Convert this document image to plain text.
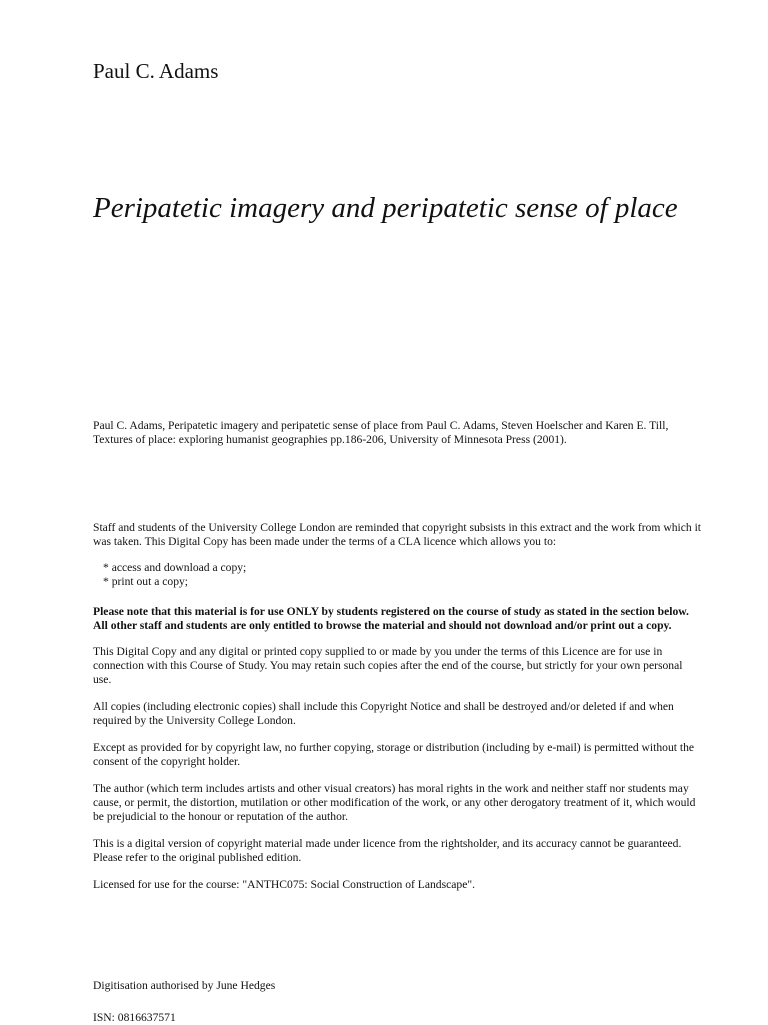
Paul C. Adams

Peripatetic imagery and peripatetic sense of place

Paul C. Adams, Peripatetic imagery and peripatetic sense of place from Paul C. Adams, Steven Hoelscher and Karen E. Till, Textures of place: exploring humanist geographies pp.186-206, University of Minnesota Press (2001).

Staff and students of the University College London are reminded that copyright subsists in this extract and the work from which it was taken. This Digital Copy has been made under the terms of a CLA licence which allows you to:

* access and download a copy;
* print out a copy;

Please note that this material is for use ONLY by students registered on the course of study as stated in the section below. All other staff and students are only entitled to browse the material and should not download and/or print out a copy.

This Digital Copy and any digital or printed copy supplied to or made by you under the terms of this Licence are for use in connection with this Course of Study. You may retain such copies after the end of the course, but strictly for your own personal use.

All copies (including electronic copies) shall include this Copyright Notice and shall be destroyed and/or deleted if and when required by the University College London.

Except as provided for by copyright law, no further copying, storage or distribution (including by e-mail) is permitted without the consent of the copyright holder.

The author (which term includes artists and other visual creators) has moral rights in the work and neither staff nor students may cause, or permit, the distortion, mutilation or other modification of the work, or any other derogatory treatment of it, which would be prejudicial to the honour or reputation of the author.

This is a digital version of copyright material made under licence from the rightsholder, and its accuracy cannot be guaranteed. Please refer to the original published edition.

Licensed for use for the course: "ANTHC075: Social Construction of Landscape".

Digitisation authorised by June Hedges

ISN: 0816637571
